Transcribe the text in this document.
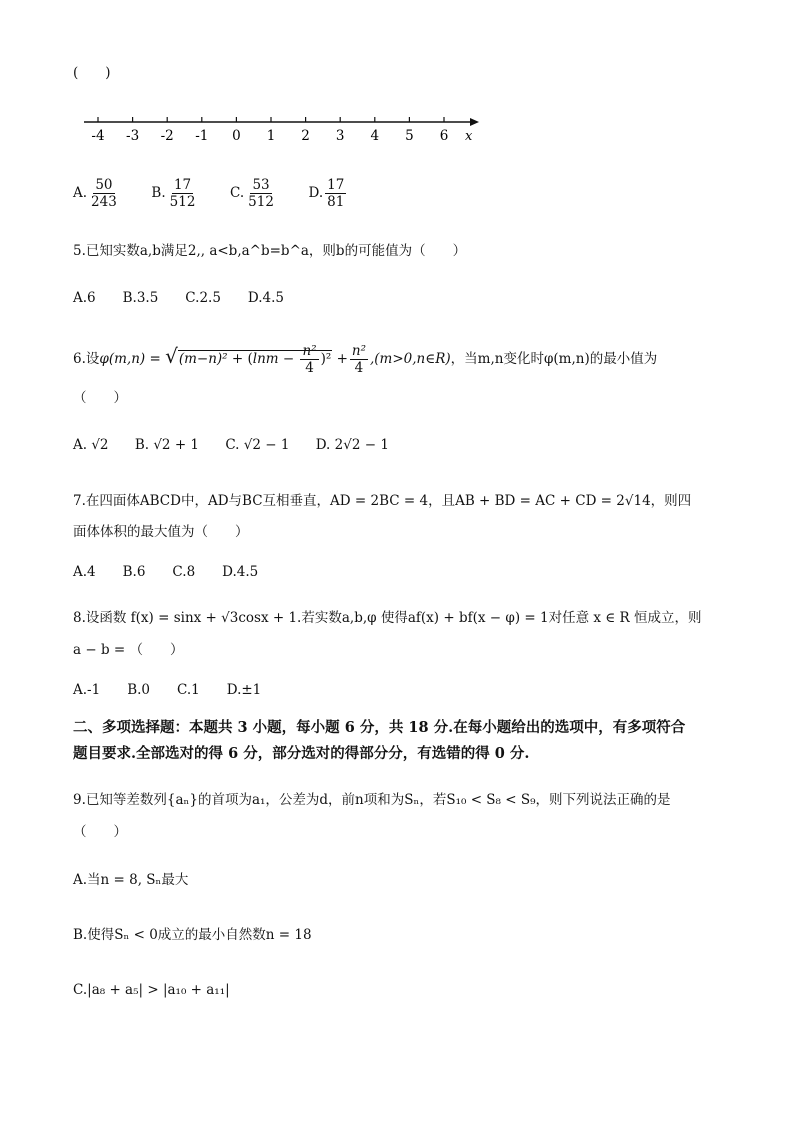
(　　)
-4 -3 -2 -1 0 1 2 3 4 5 6 x
A. $\frac{50}{243} B$. $\frac{17}{512} C$. $\frac{53}{512} D$. $\frac{17}{81}$
5.已知实数a,b满足2,, a<b,a^b=b^a，则b的可能值为（　　）
A.6　　B.3.5　　C.2.5　　D.4.5
6.设$\varphi(m,n) = √(m-n)^2 + (\ln m - \frac{\text{n²}}{4} )^2 + \frac{\text{n²}}{4}$ ,(m>0,n∈R)，当m,n变化时φ(m,n)的最小值为
（　　）
A. √2 B. √2 + 1 C. √2 − 1 D. 2√2 − 1
7.在四面体ABCD中，AD与BC互相垂直，AD = 2BC = 4，且AB + BD = AC + CD = 2√14，则四
面体体积的最大值为（　　）
A.4　　B.6　　C.8　　D.4.5
8.设函数 f(x) = sinx + √3cosx + 1.若实数a,b,φ 使得af(x) + bf(x − φ) = 1对任意 x ∈ R 恒成立，则
a − b = （　　）
A.-1　　B.0　　C.1　　D.±1
二、多项选择题：本题共 3 小题，每小题 6 分，共 18 分.在每小题给出的选项中，有多项符合
题目要求.全部选对的得 6 分，部分选对的得部分分，有选错的得 0 分.
9.已知等差数列{aₙ}的首项为a₁，公差为d，前n项和为Sₙ，若S₁₀ < S₈ < S₉，则下列说法正确的是
（　　）
A.当n = 8, Sₙ最大
B.使得Sₙ < 0成立的最小自然数n = 18
C.|a₈ + a₅| > |a₁₀ + a₁₁|
